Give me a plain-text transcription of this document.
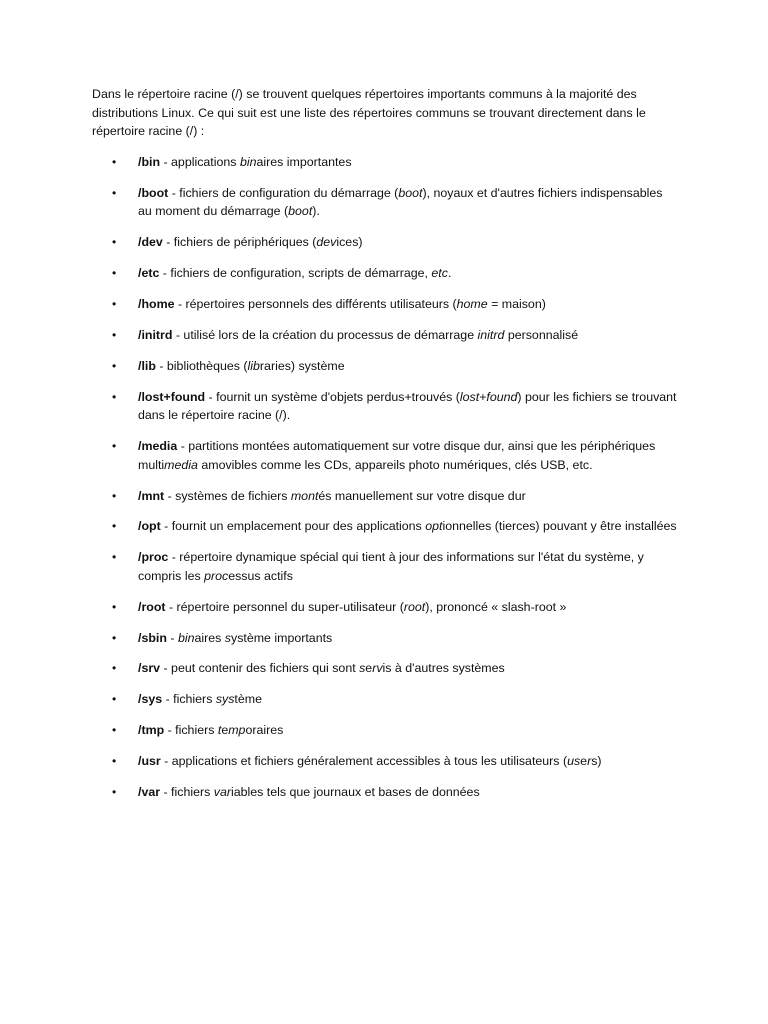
Dans le répertoire racine (/) se trouvent quelques répertoires importants communs à la majorité des distributions Linux. Ce qui suit est une liste des répertoires communs se trouvant directement dans le répertoire racine (/) :

• /bin - applications binaires importantes
• /boot - fichiers de configuration du démarrage (boot), noyaux et d'autres fichiers indispensables au moment du démarrage (boot).
• /dev - fichiers de périphériques (devices)
• /etc - fichiers de configuration, scripts de démarrage, etc.
• /home - répertoires personnels des différents utilisateurs (home = maison)
• /initrd - utilisé lors de la création du processus de démarrage initrd personnalisé
• /lib - bibliothèques (libraries) système
• /lost+found - fournit un système d'objets perdus+trouvés (lost+found) pour les fichiers se trouvant dans le répertoire racine (/).
• /media - partitions montées automatiquement sur votre disque dur, ainsi que les périphériques multimedia amovibles comme les CDs, appareils photo numériques, clés USB, etc.
• /mnt - systèmes de fichiers montés manuellement sur votre disque dur
• /opt - fournit un emplacement pour des applications optionnelles (tierces) pouvant y être installées
• /proc - répertoire dynamique spécial qui tient à jour des informations sur l'état du système, y compris les processus actifs
• /root - répertoire personnel du super-utilisateur (root), prononcé « slash-root »
• /sbin - binaires système importants
• /srv - peut contenir des fichiers qui sont servis à d'autres systèmes
• /sys - fichiers système
• /tmp - fichiers temporaires
• /usr - applications et fichiers généralement accessibles à tous les utilisateurs (users)
• /var - fichiers variables tels que journaux et bases de données
